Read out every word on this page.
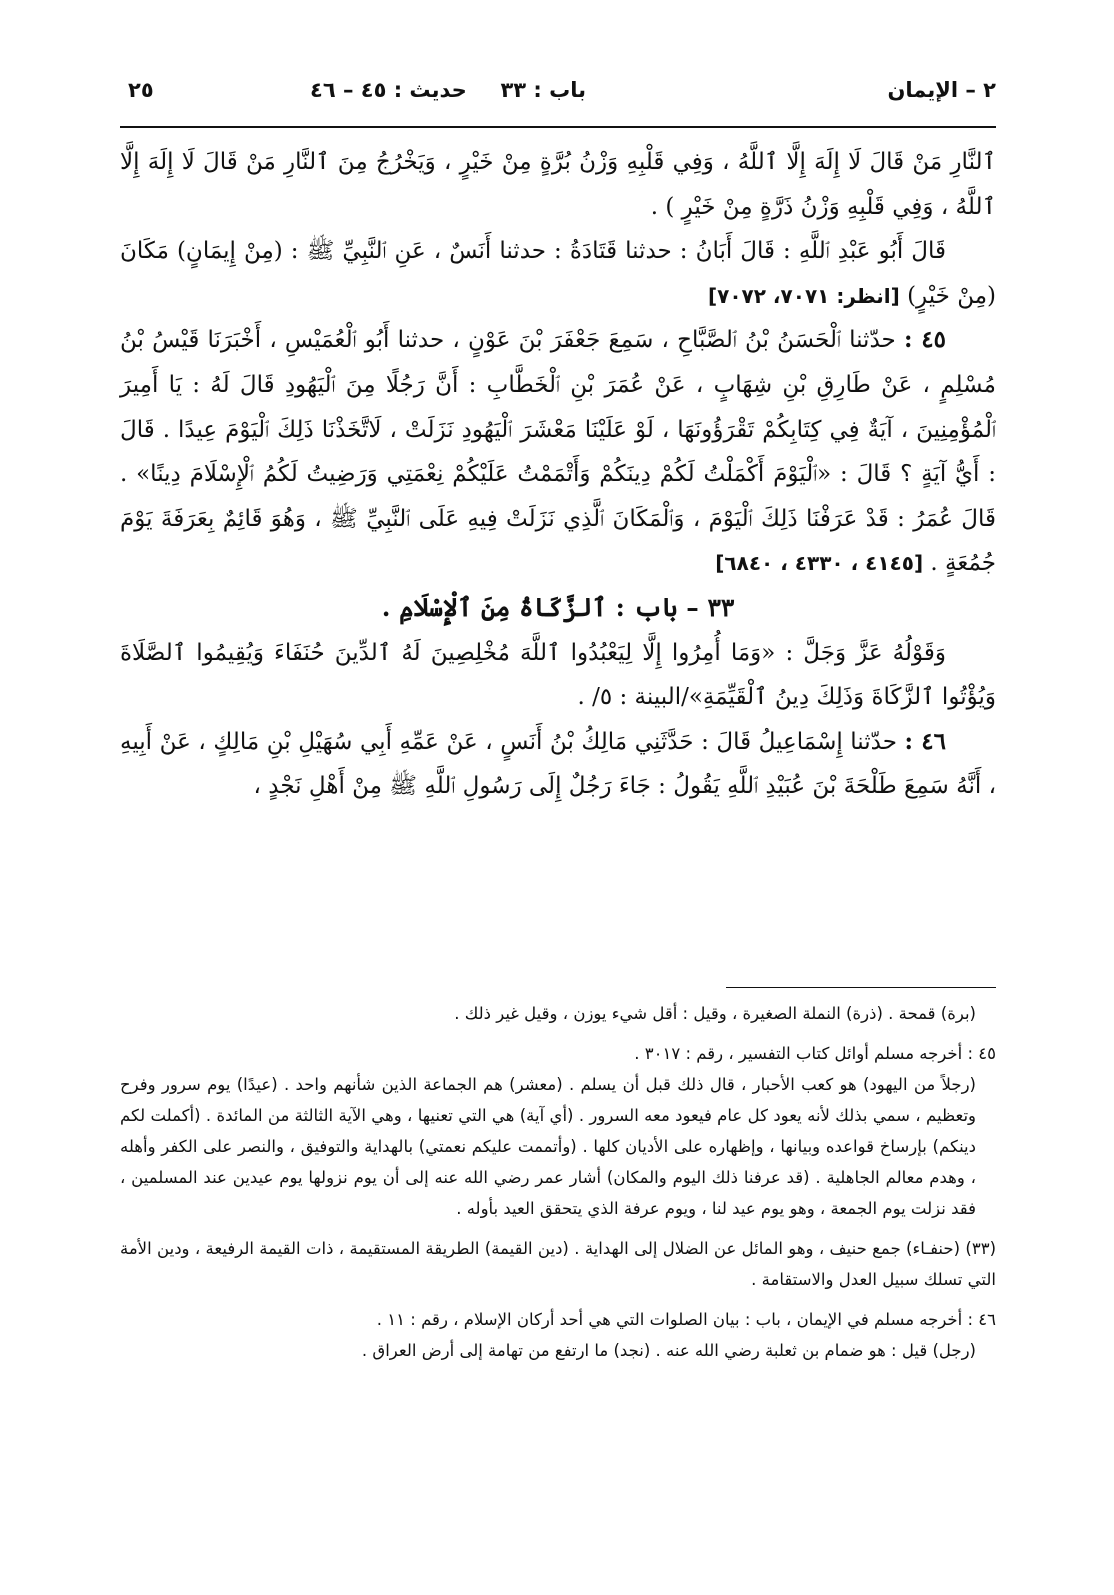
٢ – الإيمان
باب : ٣٣
حديث : ٤٥ – ٤٦
٢٥

ٱلنَّارِ مَنْ قَالَ لَا إِلَهَ إِلَّا ٱللَّهُ ، وَفِي قَلْبِهِ وَزْنُ بُرَّةٍ مِنْ خَيْرٍ ، وَيَخْرُجُ مِنَ ٱلنَّارِ مَنْ قَالَ لَا إِلَهَ إِلَّا ٱللَّهُ ، وَفِي قَلْبِهِ وَزْنُ ذَرَّةٍ مِنْ خَيْرٍ ) .

قَالَ أَبُو عَبْدِ ٱللَّهِ : قَالَ أَبَانُ : حدثنا قَتَادَةُ : حدثنا أَنَسٌ ، عَنِ ٱلنَّبِيِّ ﷺ : (مِنْ إِيمَانٍ) مَكَانَ (مِنْ خَيْرٍ) [انظر: ٧٠٧١، ٧٠٧٢]

٤٥ : حدّثنا ٱلْحَسَنُ بْنُ ٱلصَّبَّاحِ ، سَمِعَ جَعْفَرَ بْنَ عَوْنٍ ، حدثنا أَبُو ٱلْعُمَيْسِ ، أَخْبَرَنَا قَيْسُ بْنُ مُسْلِمٍ ، عَنْ طَارِقِ بْنِ شِهَابٍ ، عَنْ عُمَرَ بْنِ ٱلْخَطَّابِ : أَنَّ رَجُلًا مِنَ ٱلْيَهُودِ قَالَ لَهُ : يَا أَمِيرَ ٱلْمُؤْمِنِينَ ، آيَةٌ فِي كِتَابِكُمْ تَقْرَؤُونَهَا ، لَوْ عَلَيْنَا مَعْشَرَ ٱلْيَهُودِ نَزَلَتْ ، لَاتَّخَذْنَا ذَلِكَ ٱلْيَوْمَ عِيدًا . قَالَ : أَيُّ آيَةٍ ؟ قَالَ : «ٱلْيَوْمَ أَكْمَلْتُ لَكُمْ دِينَكُمْ وَأَتْمَمْتُ عَلَيْكُمْ نِعْمَتِي وَرَضِيتُ لَكُمُ ٱلْإِسْلَامَ دِينًا» . قَالَ عُمَرُ : قَدْ عَرَفْنَا ذَلِكَ ٱلْيَوْمَ ، وَٱلْمَكَانَ ٱلَّذِي نَزَلَتْ فِيهِ عَلَى ٱلنَّبِيِّ ﷺ ، وَهُوَ قَائِمٌ بِعَرَفَةَ يَوْمَ جُمُعَةٍ . [٤١٤٥ ، ٤٣٣٠ ، ٦٨٤٠]

٣٣ – باب : ٱلزَّكَاةُ مِنَ ٱلْإِسْلَامِ .

وَقَوْلُهُ عَزَّ وَجَلَّ : «وَمَا أُمِرُوا إِلَّا لِيَعْبُدُوا ٱللَّهَ مُخْلِصِينَ لَهُ ٱلدِّينَ حُنَفَاءَ وَيُقِيمُوا ٱلصَّلَاةَ وَيُؤْتُوا ٱلزَّكَاةَ وَذَلِكَ دِينُ ٱلْقَيِّمَةِ»/البينة : ٥/ .

٤٦ : حدّثنا إِسْمَاعِيلُ قَالَ : حَدَّثَنِي مَالِكُ بْنُ أَنَسٍ ، عَنْ عَمِّهِ أَبِي سُهَيْلِ بْنِ مَالِكٍ ، عَنْ أَبِيهِ ، أَنَّهُ سَمِعَ طَلْحَةَ بْنَ عُبَيْدِ ٱللَّهِ يَقُولُ : جَاءَ رَجُلٌ إِلَى رَسُولِ ٱللَّهِ ﷺ مِنْ أَهْلِ نَجْدٍ ،

(برة) قمحة . (ذرة) النملة الصغيرة ، وقيل : أقل شيء يوزن ، وقيل غير ذلك .

٤٥ : أخرجه مسلم أوائل كتاب التفسير ، رقم : ٣٠١٧ .

(رجلاً من اليهود) هو كعب الأحبار ، قال ذلك قبل أن يسلم . (معشر) هم الجماعة الذين شأنهم واحد . (عيدًا) يوم سرور وفرح وتعظيم ، سمي بذلك لأنه يعود كل عام فيعود معه السرور . (أي آية) هي التي تعنيها ، وهي الآية الثالثة من المائدة . (أكملت لكم دينكم) بإرساخ قواعده وبيانها ، وإظهاره على الأديان كلها . (وأتممت عليكم نعمتي) بالهداية والتوفيق ، والنصر على الكفر وأهله ، وهدم معالم الجاهلية . (قد عرفنا ذلك اليوم والمكان) أشار عمر رضي الله عنه إلى أن يوم نزولها يوم عيدين عند المسلمين ، فقد نزلت يوم الجمعة ، وهو يوم عيد لنا ، ويوم عرفة الذي يتحقق العيد بأوله .

(٣٣) (حنفـاء) جمع حنيف ، وهو المائل عن الضلال إلى الهداية . (دين القيمة) الطريقة المستقيمة ، ذات القيمة الرفيعة ، ودين الأمة التي تسلك سبيل العدل والاستقامة .

٤٦ : أخرجه مسلم في الإيمان ، باب : بيان الصلوات التي هي أحد أركان الإسلام ، رقم : ١١ .

(رجل) قيل : هو ضمام بن ثعلبة رضي الله عنه . (نجد) ما ارتفع من تهامة إلى أرض العراق .
